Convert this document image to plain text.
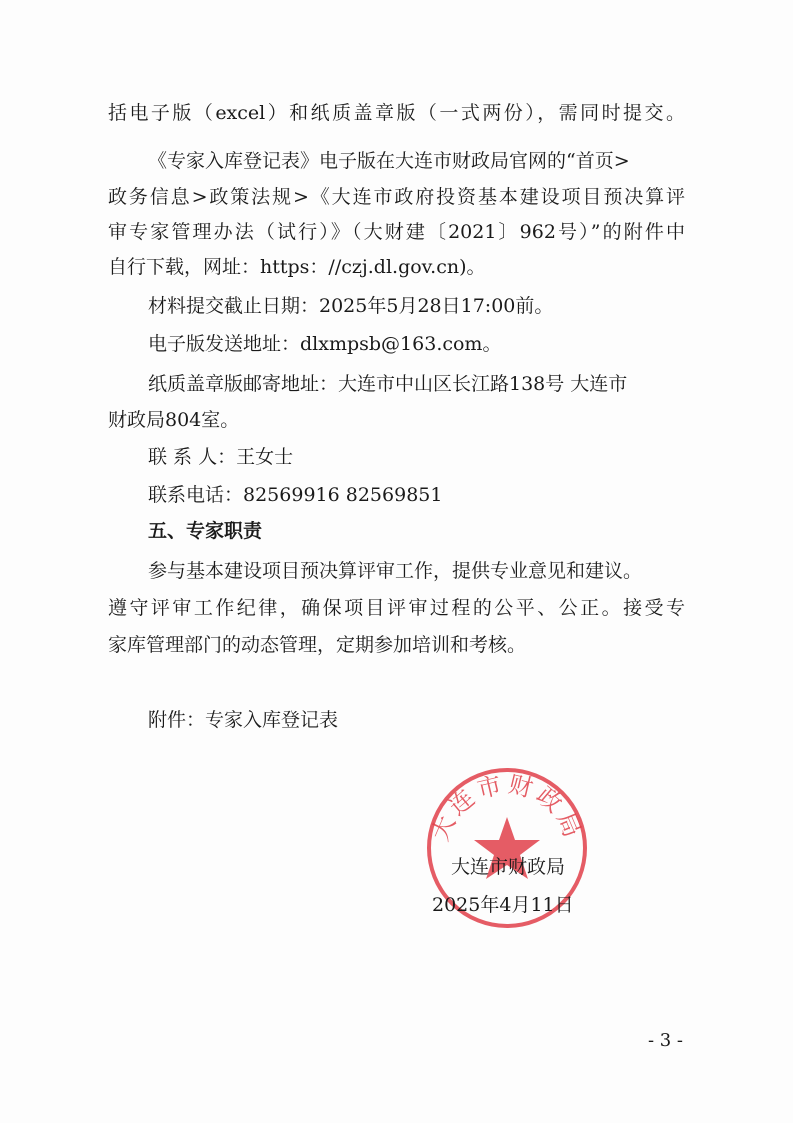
括电子版（excel）和纸质盖章版（一式两份），需同时提交。
《专家入库登记表》电子版在大连市财政局官网的“首页>
政务信息>政策法规>《大连市政府投资基本建设项目预决算评
审专家管理办法（试行）》（大财建〔2021〕962号）”的附件中
自行下载，网址：https：//czj.dl.gov.cn)。
材料提交截止日期：2025年5月28日17:00前。
电子版发送地址：dlxmpsb@163.com。
纸质盖章版邮寄地址：大连市中山区长江路138号 大连市
财政局804室。
联 系 人：王女士
联系电话：82569916 82569851
五、专家职责
参与基本建设项目预决算评审工作，提供专业意见和建议。
遵守评审工作纪律，确保项目评审过程的公平、公正。接受专
家库管理部门的动态管理，定期参加培训和考核。
附件：专家入库登记表
大连市财政局
大连市财政局
2025年4月11日
- 3 -
